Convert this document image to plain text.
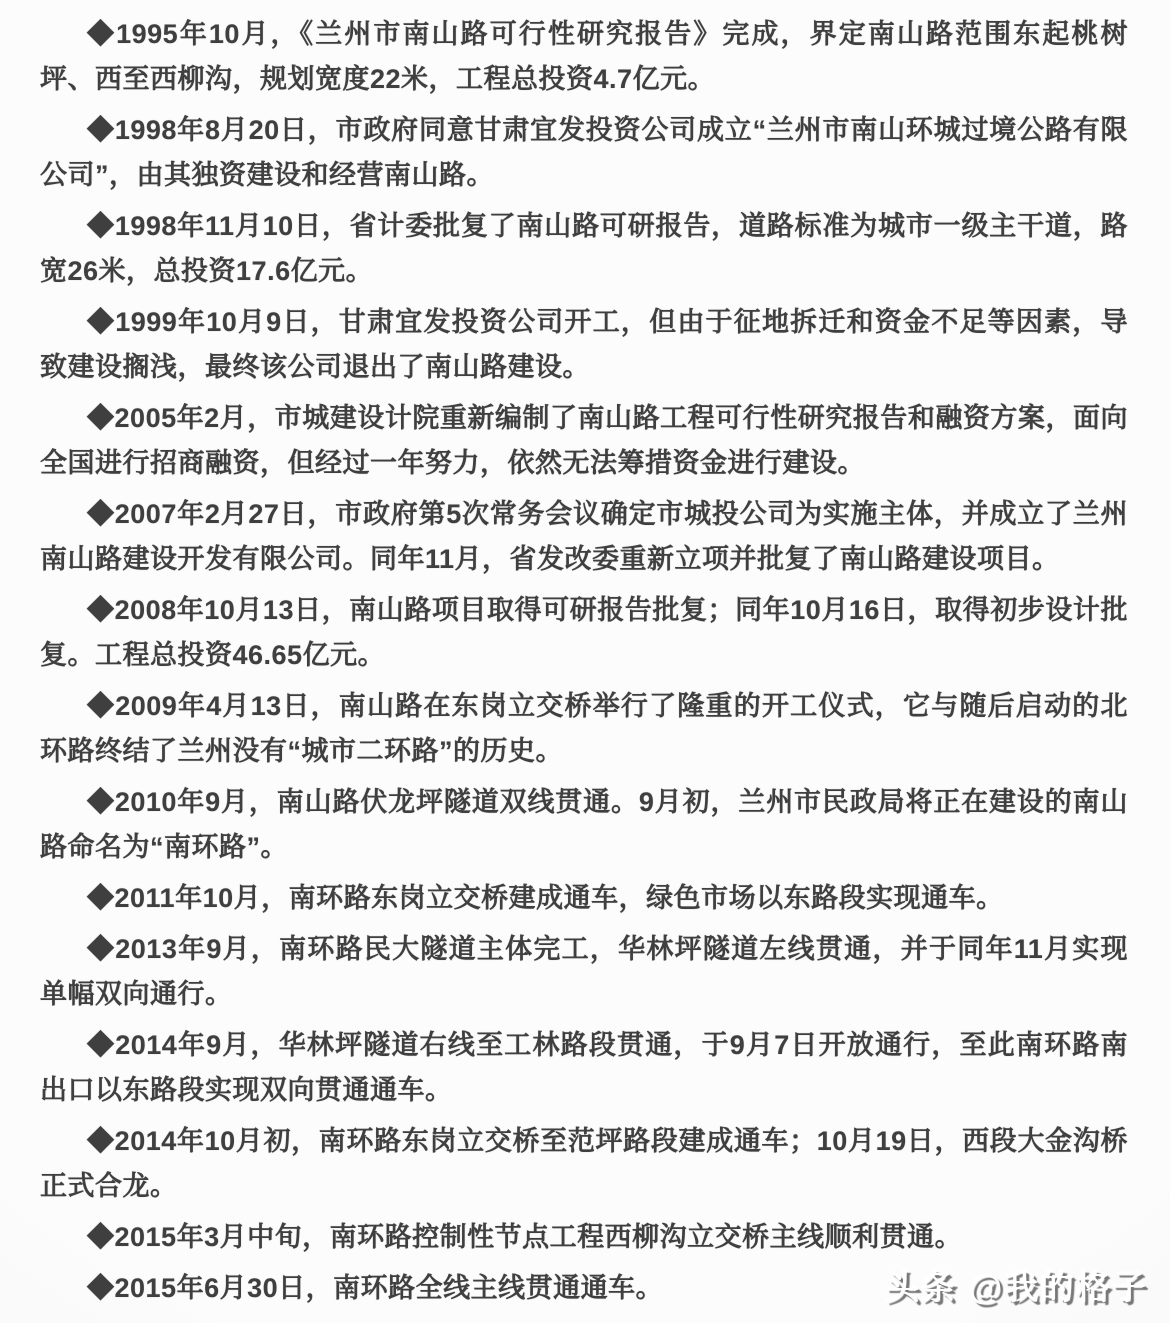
◆1995年10月，《兰州市南山路可行性研究报告》完成，界定南山路范围东起桃树坪、西至西柳沟，规划宽度22米，工程总投资4.7亿元。

◆1998年8月20日，市政府同意甘肃宜发投资公司成立“兰州市南山环城过境公路有限公司”，由其独资建设和经营南山路。

◆1998年11月10日，省计委批复了南山路可研报告，道路标准为城市一级主干道，路宽26米，总投资17.6亿元。

◆1999年10月9日，甘肃宜发投资公司开工，但由于征地拆迁和资金不足等因素，导致建设搁浅，最终该公司退出了南山路建设。

◆2005年2月，市城建设计院重新编制了南山路工程可行性研究报告和融资方案，面向全国进行招商融资，但经过一年努力，依然无法筹措资金进行建设。

◆2007年2月27日，市政府第5次常务会议确定市城投公司为实施主体，并成立了兰州南山路建设开发有限公司。同年11月，省发改委重新立项并批复了南山路建设项目。

◆2008年10月13日，南山路项目取得可研报告批复；同年10月16日，取得初步设计批复。工程总投资46.65亿元。

◆2009年4月13日，南山路在东岗立交桥举行了隆重的开工仪式，它与随后启动的北环路终结了兰州没有“城市二环路”的历史。

◆2010年9月，南山路伏龙坪隧道双线贯通。9月初，兰州市民政局将正在建设的南山路命名为“南环路”。

◆2011年10月，南环路东岗立交桥建成通车，绿色市场以东路段实现通车。

◆2013年9月，南环路民大隧道主体完工，华林坪隧道左线贯通，并于同年11月实现单幅双向通行。

◆2014年9月，华林坪隧道右线至工林路段贯通，于9月7日开放通行，至此南环路南出口以东路段实现双向贯通通车。

◆2014年10月初，南环路东岗立交桥至范坪路段建成通车；10月19日，西段大金沟桥正式合龙。

◆2015年3月中旬，南环路控制性节点工程西柳沟立交桥主线顺利贯通。

◆2015年6月30日，南环路全线主线贯通通车。	头条 @我的格子
